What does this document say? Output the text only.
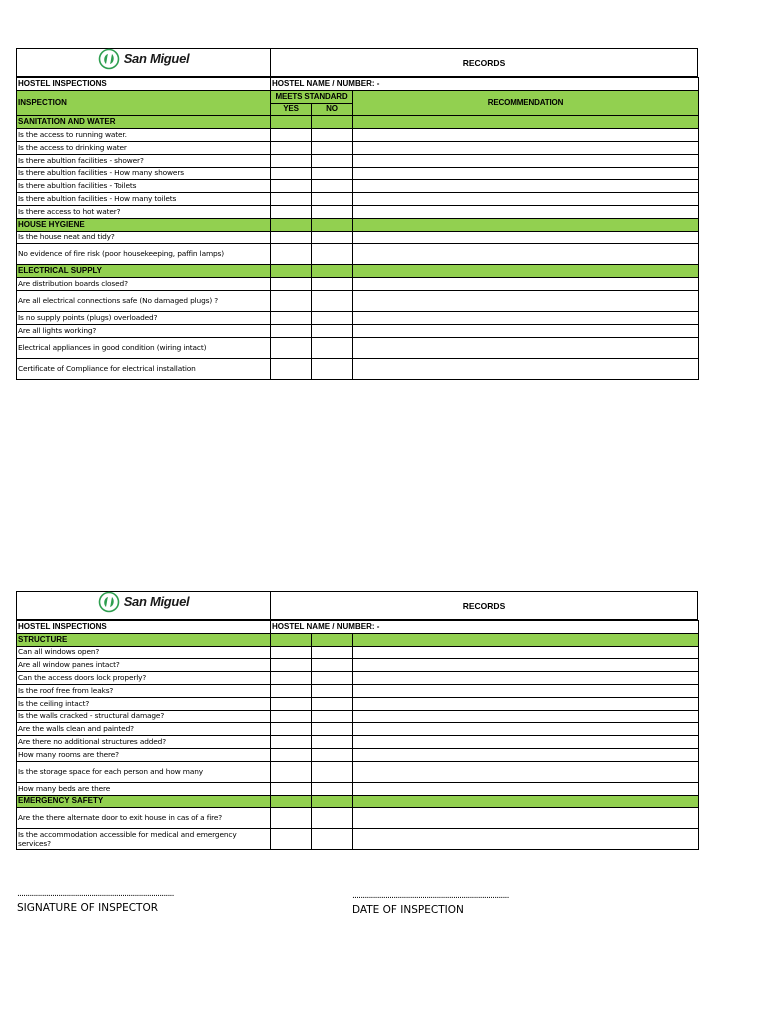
San Miguel	RECORDS
HOSTEL INSPECTIONS	HOSTEL NAME / NUMBER: -		
INSPECTION	MEETS STANDARD		RECOMMENDATION
	YES	NO	
SANITATION AND WATER			
Is the access to running water.			
Is the access to drinking water			
Is there abultion facilities - shower?			
Is there abultion facilities - How many showers			
Is there abultion facilities - Toilets			
Is there abultion facilities - How many toilets			
Is there access to hot water?			
HOUSE HYGIENE			
Is the house neat and tidy?			
No evidence of fire risk (poor housekeeping, paffin lamps)			
ELECTRICAL SUPPLY			
Are distribution boards closed?			
Are all electrical connections safe (No damaged plugs) ?			
Is no supply points (plugs) overloaded?			
Are all lights working?			
Electrical appliances in good condition (wiring intact)			
Certificate of Compliance for electrical installation			
San Miguel	RECORDS
HOSTEL INSPECTIONS	HOSTEL NAME / NUMBER: -		
STRUCTURE			
Can all windows open?			
Are all window panes intact?			
Can the access doors lock properly?			
Is the roof free from leaks?			
Is the ceiling intact?			
Is the walls cracked - structural damage?			
Are the walls clean and painted?			
Are there no additional structures added?			
How many rooms are there?			
Is the storage space for each person and how many			
How many beds are there			
EMERGENCY SAFETY			
Are the there alternate door to exit house in cas of a fire?			
Is the accommodation accessible for medical and emergency services?			
............................................................................
SIGNATURE OF INSPECTOR
............................................................................
DATE OF INSPECTION
